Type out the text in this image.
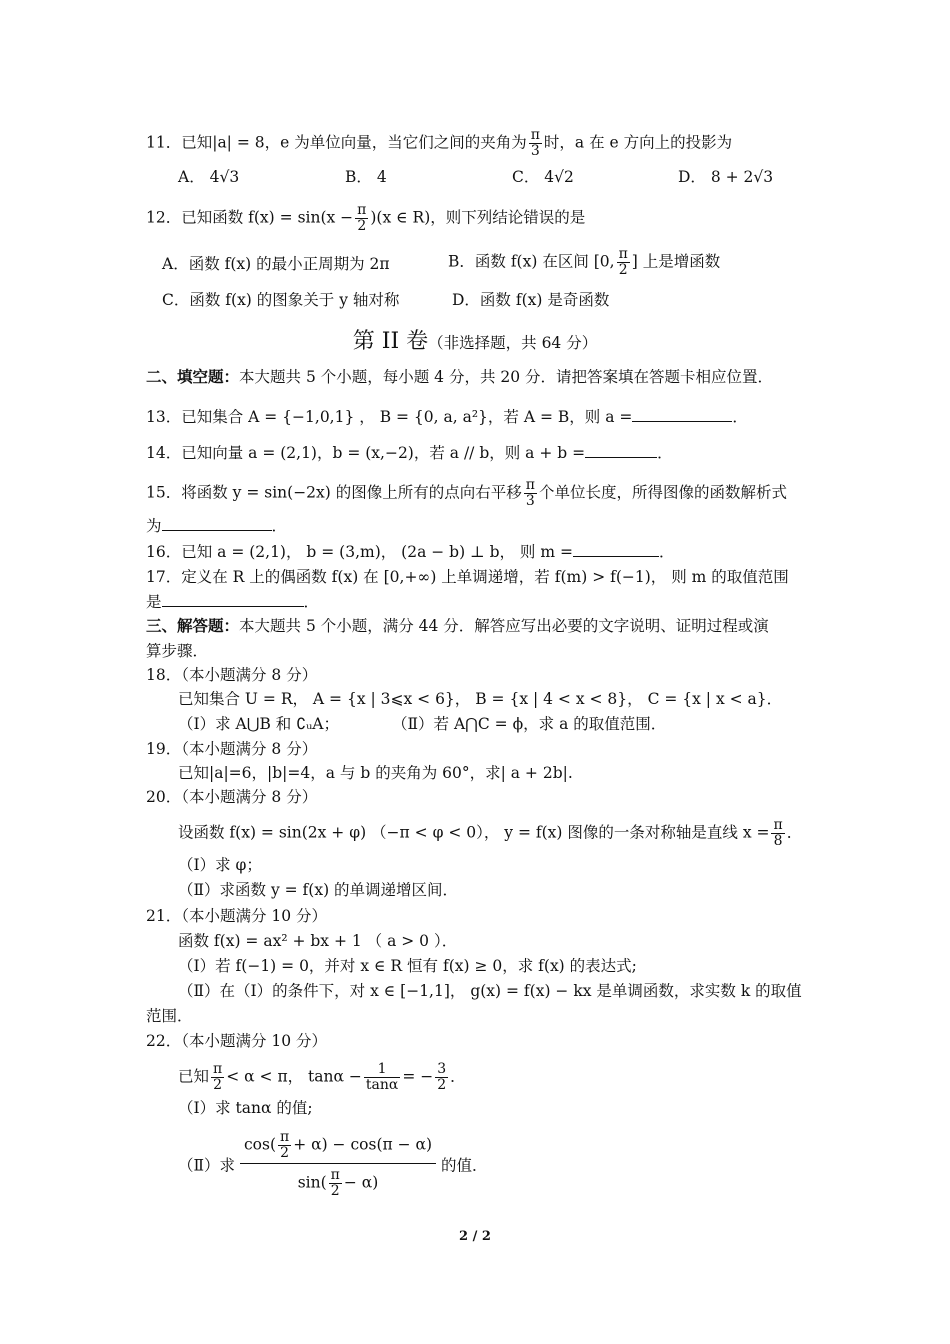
11．已知|a| = 8，e 为单位向量，当它们之间的夹角为 $\frac{\pi}{3}$ 时，a 在 e 方向上的投影为
A． 4√3	B． 4	C． 4√2	D． 8 + 2√3
12．已知函数 $f(x) = \sin(x - \frac{\pi}{2} )(x$ ∈ R)，则下列结论错误的是
A．函数 f(x) 的最小正周期为 2π	B．函数 f(x) 在区间 [0, $\frac{\pi}{2}$ ] 上是增函数
C．函数 f(x) 的图象关于 y 轴对称	D．函数 f(x) 是奇函数
第 II 卷（非选择题，共 64 分）
二、填空题：本大题共 5 个小题，每小题 4 分，共 20 分．请把答案填在答题卡相应位置．
13．已知集合 A = {−1,0,1} ， B = {0, a, a²}，若 A = B，则 a =	．
14．已知向量 a = (2,1)，b = (x,−2)，若 a // b，则 a + b =	．
15．将函数 y = sin(−2x) 的图像上所有的点向右平移 $\frac{\pi}{3}$ 个单位长度，所得图像的函数解析式
为	．
16．已知 a = (2,1)， b = (3,m)， (2a − b) ⊥ b， 则 m =	．
17．定义在 R 上的偶函数 f(x) 在 [0,+∞) 上单调递增，若 f(m) > f(−1)， 则 m 的取值范围
是	．
三、解答题：本大题共 5 个小题，满分 44 分．解答应写出必要的文字说明、证明过程或演
算步骤．
18．（本小题满分 8 分）
已知集合 U = R， A = {x | 3⩽x < 6}， B = {x | 4 < x < 8}， C = {x | x < a}．
（Ⅰ）求 A⋃B 和 ∁ᵤA；	（Ⅱ）若 A⋂C = ϕ，求 a 的取值范围．
19．（本小题满分 8 分）
已知|a|=6，|b|=4，a 与 b 的夹角为 60°，求| a + 2b|.
20．（本小题满分 8 分）
设函数 f(x) = sin(2x + φ) （−π < φ < 0）， y = f(x) 图像的一条对称轴是直线 $x = \frac{\pi}{8}$ ．
（Ⅰ）求 φ；
（Ⅱ）求函数 y = f(x) 的单调递增区间．
21．（本小题满分 10 分）
函数 f(x) = ax² + bx + 1 （ a > 0 ）．
（Ⅰ）若 f(−1) = 0，并对 x ∈ R 恒有 f(x) ≥ 0，求 f(x) 的表达式;
（Ⅱ）在（Ⅰ）的条件下，对 x ∈ [−1,1]， g(x) = f(x) − kx 是单调函数，求实数 k 的取值
范围．
22．（本小题满分 10 分）
已知 $\frac{\pi}{2} < \alpha < \pi$， $\tan\alpha - \frac{1}{\tan\alpha}$ = − $\frac{3}{2}$ ．
（Ⅰ）求 tanα 的值;
（Ⅱ）求 $\frac{\cos( \frac{\pi}{2} + \alpha) - \cos(\pi - \alpha)}{\sin( \frac{\pi}{2} - \alpha)}$ 的值．
2 / 2
